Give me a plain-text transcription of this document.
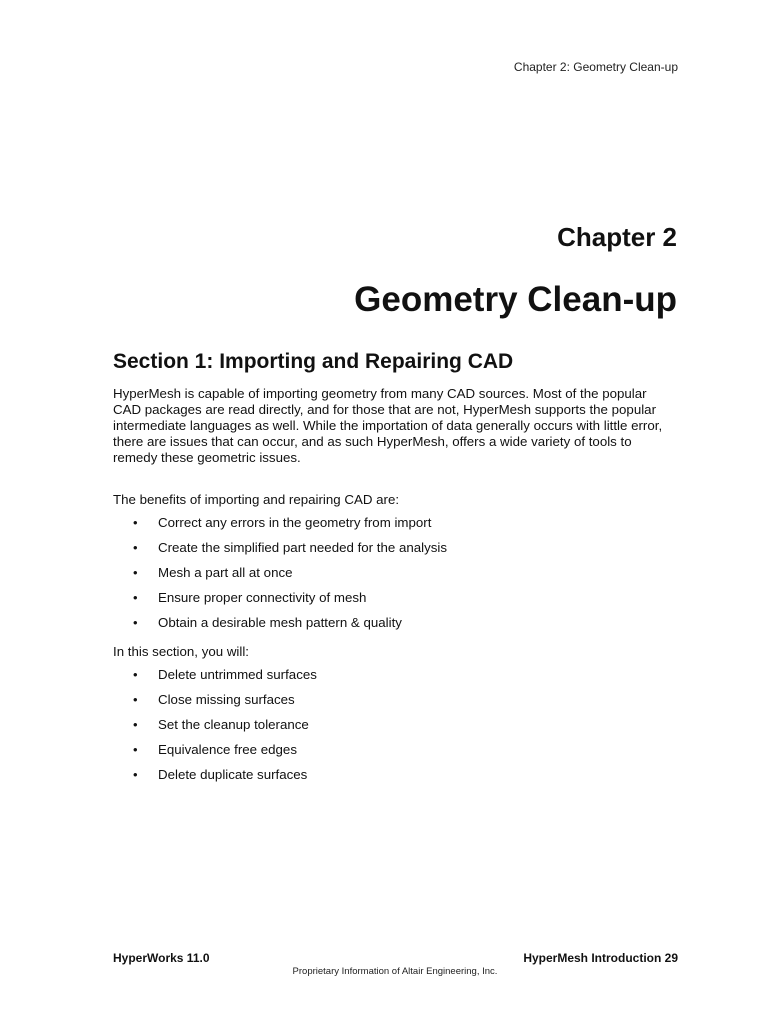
Chapter 2: Geometry Clean-up
Chapter 2
Geometry Clean-up
Section 1: Importing and Repairing CAD

HyperMesh is capable of importing geometry from many CAD sources. Most of the popular CAD packages are read directly, and for those that are not, HyperMesh supports the popular intermediate languages as well. While the importation of data generally occurs with little error, there are issues that can occur, and as such HyperMesh, offers a wide variety of tools to remedy these geometric issues.

The benefits of importing and repairing CAD are:

•	Correct any errors in the geometry from import
•	Create the simplified part needed for the analysis
•	Mesh a part all at once
•	Ensure proper connectivity of mesh
•	Obtain a desirable mesh pattern & quality

In this section, you will:

•	Delete untrimmed surfaces
•	Close missing surfaces
•	Set the cleanup tolerance
•	Equivalence free edges
•	Delete duplicate surfaces
HyperWorks 11.0	HyperMesh Introduction 29
Proprietary Information of Altair Engineering, Inc.
